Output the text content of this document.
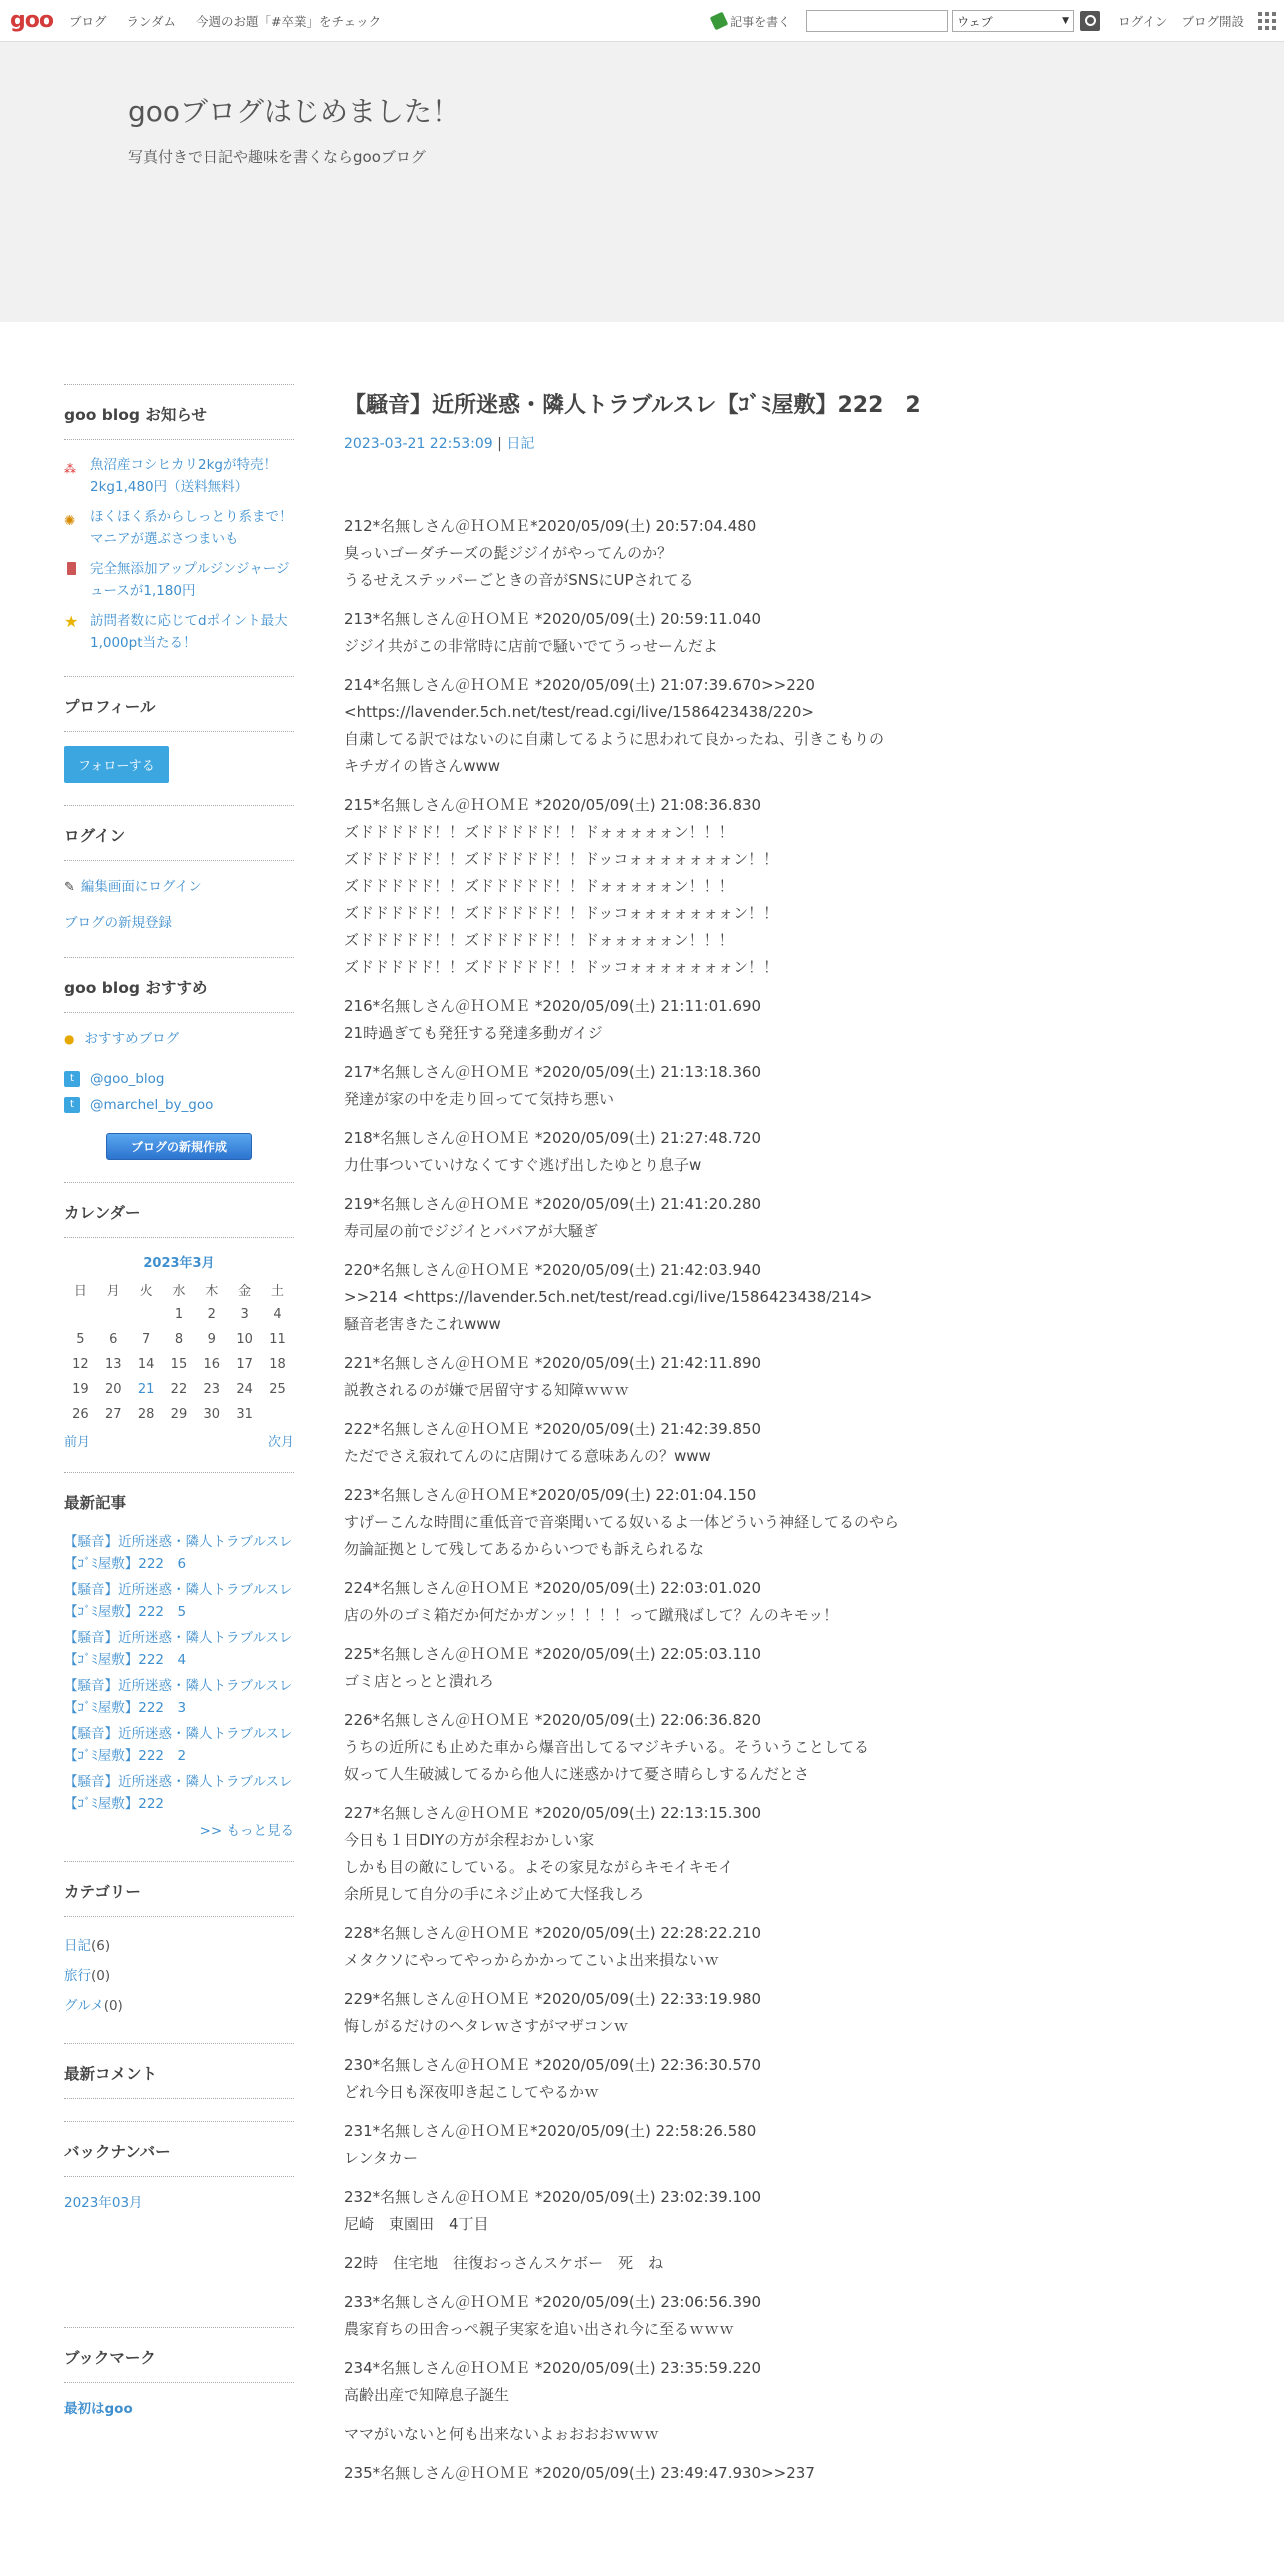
goo ブログ ランダム 今週のお題「#卒業」をチェック	記事を書く	ウェブ	▼	ログイン ブログ開設
gooブログはじめました！
写真付きで日記や趣味を書くならgooブログ
goo blog お知らせ
⁂ 魚沼産コシヒカリ2kgが特売！2kg1,480円（送料無料）
✺	ほくほく系からしっとり系まで！マニアが選ぶさつまいも
完全無添加アップルジンジャージュースが1,180円
★ 訪問者数に応じてdポイント最大1,000pt当たる！
プロフィール
フォローする
ログイン
✎ 編集画面にログイン
ブログの新規登録
goo blog おすすめ
● おすすめブログ
t	@goo_blog
t	@marchel_by_goo
ブログの新規作成
カレンダー
2023年3月
日	月	火	水	木	金	土
			1	2	3	4
5	6	7	8	9	10	11
12	13	14	15	16	17	18
19	20	21	22	23	24	25
26	27	28	29	30	31	
前月	次月
最新記事
【騒音】近所迷惑・隣人トラブルスレ【ｺﾞﾐ屋敷】222　6
【騒音】近所迷惑・隣人トラブルスレ【ｺﾞﾐ屋敷】222　5
【騒音】近所迷惑・隣人トラブルスレ【ｺﾞﾐ屋敷】222　4
【騒音】近所迷惑・隣人トラブルスレ【ｺﾞﾐ屋敷】222　3
【騒音】近所迷惑・隣人トラブルスレ【ｺﾞﾐ屋敷】222　2
【騒音】近所迷惑・隣人トラブルスレ【ｺﾞﾐ屋敷】222
>> もっと見る
カテゴリー
日記(6)
旅行(0)
グルメ(0)
最新コメント
バックナンバー
2023年03月
ブックマーク
最初はgoo
【騒音】近所迷惑・隣人トラブルスレ【ｺﾞﾐ屋敷】222　2
2023-03-21 22:53:09 | 日記
212*名無しさん＠ＨＯＭＥ*2020/05/09(土) 20:57:04.480
臭っいゴーダチーズの髭ジジイがやってんのか？
うるせえステッパーごときの音がSNSにUPされてる
213*名無しさん＠ＨＯＭＥ *2020/05/09(土) 20:59:11.040
ジジイ共がこの非常時に店前で騒いでてうっせーんだよ
214*名無しさん＠ＨＯＭＥ *2020/05/09(土) 21:07:39.670>>220
<https://lavender.5ch.net/test/read.cgi/live/1586423438/220>
自粛してる訳ではないのに自粛してるように思われて良かったね、引きこもりの
キチガイの皆さんwww
215*名無しさん＠ＨＯＭＥ *2020/05/09(土) 21:08:36.830
ズドドドドド！！ズドドドドド！！ドォォォォォン！！！
ズドドドドド！！ズドドドドド！！ドッコォォォォォォォン！！
ズドドドドド！！ズドドドドド！！ドォォォォォン！！！
ズドドドドド！！ズドドドドド！！ドッコォォォォォォォン！！
ズドドドドド！！ズドドドドド！！ドォォォォォン！！！
ズドドドドド！！ズドドドドド！！ドッコォォォォォォォン！！
216*名無しさん＠ＨＯＭＥ *2020/05/09(土) 21:11:01.690
21時過ぎても発狂する発達多動ガイジ
217*名無しさん＠ＨＯＭＥ *2020/05/09(土) 21:13:18.360
発達が家の中を走り回ってて気持ち悪い
218*名無しさん＠ＨＯＭＥ *2020/05/09(土) 21:27:48.720
力仕事ついていけなくてすぐ逃げ出したゆとり息子w
219*名無しさん＠ＨＯＭＥ *2020/05/09(土) 21:41:20.280
寿司屋の前でジジイとババアが大騒ぎ
220*名無しさん＠ＨＯＭＥ *2020/05/09(土) 21:42:03.940
>>214 <https://lavender.5ch.net/test/read.cgi/live/1586423438/214>
騒音老害きたこれwww
221*名無しさん＠ＨＯＭＥ *2020/05/09(土) 21:42:11.890
説教されるのが嫌で居留守する知障ｗｗｗ
222*名無しさん＠ＨＯＭＥ *2020/05/09(土) 21:42:39.850
ただでさえ寂れてんのに店開けてる意味あんの？www
223*名無しさん＠ＨＯＭＥ*2020/05/09(土) 22:01:04.150
すげーこんな時間に重低音で音楽聞いてる奴いるよ一体どういう神経してるのやら
勿論証拠として残してあるからいつでも訴えられるな
224*名無しさん＠ＨＯＭＥ *2020/05/09(土) 22:03:01.020
店の外のゴミ箱だか何だかガンッ！！！！って蹴飛ばして？んのキモッ！
225*名無しさん＠ＨＯＭＥ *2020/05/09(土) 22:05:03.110
ゴミ店とっとと潰れろ
226*名無しさん＠ＨＯＭＥ *2020/05/09(土) 22:06:36.820
うちの近所にも止めた車から爆音出してるマジキチいる。そういうことしてる
奴って人生破滅してるから他人に迷惑かけて憂さ晴らしするんだとさ
227*名無しさん＠ＨＯＭＥ *2020/05/09(土) 22:13:15.300
今日も１日DIYの方が余程おかしい家
しかも目の敵にしている。よその家見ながらキモイキモイ
余所見して自分の手にネジ止めて大怪我しろ
228*名無しさん＠ＨＯＭＥ *2020/05/09(土) 22:28:22.210
メタクソにやってやっからかかってこいよ出来損ないｗ
229*名無しさん＠ＨＯＭＥ *2020/05/09(土) 22:33:19.980
悔しがるだけのヘタレｗさすがマザコンｗ
230*名無しさん＠ＨＯＭＥ *2020/05/09(土) 22:36:30.570
どれ今日も深夜叩き起こしてやるかｗ
231*名無しさん＠ＨＯＭＥ*2020/05/09(土) 22:58:26.580
レンタカー
232*名無しさん＠ＨＯＭＥ *2020/05/09(土) 23:02:39.100
尼崎　東園田　4丁目
22時　住宅地　往復おっさんスケボー　死　ね
233*名無しさん＠ＨＯＭＥ *2020/05/09(土) 23:06:56.390
農家育ちの田舎っぺ親子実家を追い出され今に至るｗｗｗ
234*名無しさん＠ＨＯＭＥ *2020/05/09(土) 23:35:59.220
高齢出産で知障息子誕生
ママがいないと何も出来ないよぉおおおｗｗｗ
235*名無しさん＠ＨＯＭＥ *2020/05/09(土) 23:49:47.930>>237
